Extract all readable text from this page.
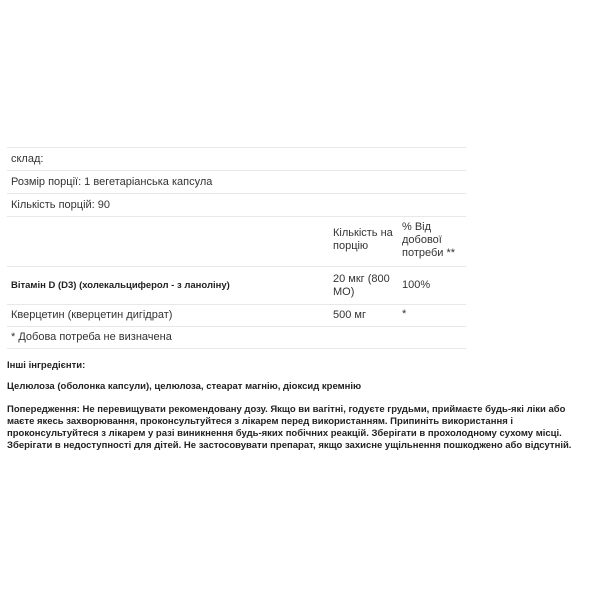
склад:
Розмір порції: 1 вегетаріанська капсула
Кількість порцій: 90
Кількість на порцію
% Від добової потреби **
Вітамін D (D3) (холекальциферол - з ланоліну)
20 мкг (800 МО)
100%
Кверцетин (кверцетин дигідрат)	500 мг	*
* Добова потреба не визначена
Інші інгредієнти:
Целюлоза (оболонка капсули), целюлоза, стеарат магнію, діоксид кремнію
Попередження: Не перевищувати рекомендовану дозу. Якщо ви вагітні, годуєте грудьми, приймаєте будь-які ліки або маєте якесь захворювання, проконсультуйтеся з лікарем перед використанням. Припиніть використання і проконсультуйтеся з лікарем у разі виникнення будь-яких побічних реакцій. Зберігати в прохолодному сухому місці. Зберігати в недоступності для дітей. Не застосовувати препарат, якщо захисне ущільнення пошкоджено або відсутній.
